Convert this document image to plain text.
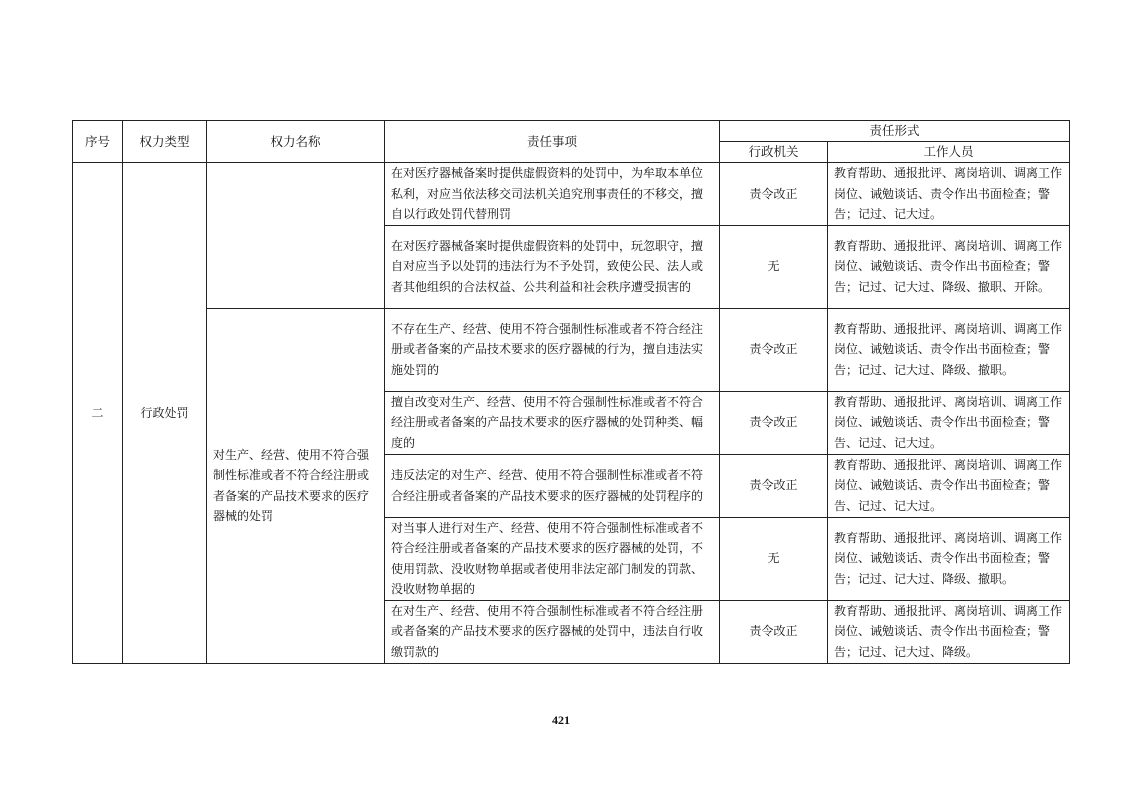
序号	权力类型	权力名称	责任事项	责任形式	
				行政机关	工作人员
二	行政处罚		在对医疗器械备案时提供虚假资料的处罚中，为牟取本单位私利，对应当依法移交司法机关追究刑事责任的不移交，擅自以行政处罚代替刑罚	责令改正	教育帮助、通报批评、离岗培训、调离工作岗位、诫勉谈话、责令作出书面检查；警告；记过、记大过。
			在对医疗器械备案时提供虚假资料的处罚中，玩忽职守，擅自对应当予以处罚的违法行为不予处罚，致使公民、法人或者其他组织的合法权益、公共利益和社会秩序遭受损害的	无	教育帮助、通报批评、离岗培训、调离工作岗位、诫勉谈话、责令作出书面检查；警告；记过、记大过、降级、撤职、开除。
		对生产、经营、使用不符合强制性标准或者不符合经注册或者备案的产品技术要求的医疗器械的处罚	不存在生产、经营、使用不符合强制性标准或者不符合经注册或者备案的产品技术要求的医疗器械的行为，擅自违法实施处罚的	责令改正	教育帮助、通报批评、离岗培训、调离工作岗位、诫勉谈话、责令作出书面检查；警告；记过、记大过、降级、撤职。
			擅自改变对生产、经营、使用不符合强制性标准或者不符合经注册或者备案的产品技术要求的医疗器械的处罚种类、幅度的	责令改正	教育帮助、通报批评、离岗培训、调离工作岗位、诫勉谈话、责令作出书面检查；警告、记过、记大过。
			违反法定的对生产、经营、使用不符合强制性标准或者不符合经注册或者备案的产品技术要求的医疗器械的处罚程序的	责令改正	教育帮助、通报批评、离岗培训、调离工作岗位、诫勉谈话、责令作出书面检查；警告、记过、记大过。
			对当事人进行对生产、经营、使用不符合强制性标准或者不符合经注册或者备案的产品技术要求的医疗器械的处罚，不使用罚款、没收财物单据或者使用非法定部门制发的罚款、没收财物单据的	无	教育帮助、通报批评、离岗培训、调离工作岗位、诫勉谈话、责令作出书面检查；警告；记过、记大过、降级、撤职。
			在对生产、经营、使用不符合强制性标准或者不符合经注册或者备案的产品技术要求的医疗器械的处罚中，违法自行收缴罚款的	责令改正	教育帮助、通报批评、离岗培训、调离工作岗位、诫勉谈话、责令作出书面检查；警告；记过、记大过、降级。
421
